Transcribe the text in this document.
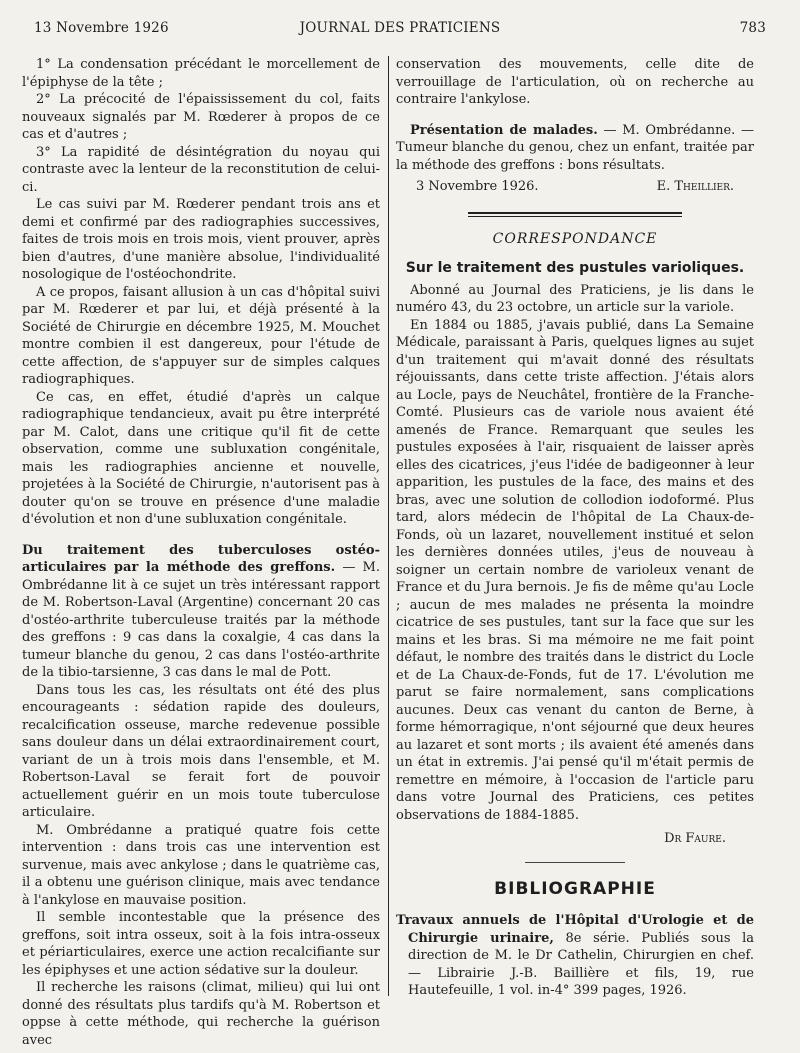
13 Novembre 1926	JOURNAL DES PRATICIENS	783

1° La condensation précédant le morcellement de l'épiphyse de la tête ;

2° La précocité de l'épaississement du col, faits nouveaux signalés par M. Rœderer à propos de ce cas et d'autres ;

3° La rapidité de désintégration du noyau qui contraste avec la lenteur de la reconstitution de celui-ci.

Le cas suivi par M. Rœderer pendant trois ans et demi et confirmé par des radiographies successives, faites de trois mois en trois mois, vient prouver, après bien d'autres, d'une manière absolue, l'individualité nosologique de l'ostéochondrite.

A ce propos, faisant allusion à un cas d'hôpital suivi par M. Rœderer et par lui, et déjà présenté à la Société de Chirurgie en décembre 1925, M. Mouchet montre combien il est dangereux, pour l'étude de cette affection, de s'appuyer sur de simples calques radiographiques.

Ce cas, en effet, étudié d'après un calque radiographique tendancieux, avait pu être interprété par M. Calot, dans une critique qu'il fit de cette observation, comme une subluxation congénitale, mais les radiographies ancienne et nouvelle, projetées à la Société de Chirurgie, n'autorisent pas à douter qu'on se trouve en présence d'une maladie d'évolution et non d'une subluxation congénitale.

Du traitement des tuberculoses ostéo-articulaires par la méthode des greffons. — M. Ombrédanne lit à ce sujet un très intéressant rapport de M. Robertson-Laval (Argentine) concernant 20 cas d'ostéo-arthrite tuberculeuse traités par la méthode des greffons : 9 cas dans la coxalgie, 4 cas dans la tumeur blanche du genou, 2 cas dans l'ostéo-arthrite de la tibio-tarsienne, 3 cas dans le mal de Pott.

Dans tous les cas, les résultats ont été des plus encourageants : sédation rapide des douleurs, recalcification osseuse, marche redevenue possible sans douleur dans un délai extraordinairement court, variant de un à trois mois dans l'ensemble, et M. Robertson-Laval se ferait fort de pouvoir actuellement guérir en un mois toute tuberculose articulaire.

M. Ombrédanne a pratiqué quatre fois cette intervention : dans trois cas une intervention est survenue, mais avec ankylose ; dans le quatrième cas, il a obtenu une guérison clinique, mais avec tendance à l'ankylose en mauvaise position.

Il semble incontestable que la présence des greffons, soit intra osseux, soit à la fois intra-osseux et périarticulaires, exerce une action recalcifiante sur les épiphyses et une action sédative sur la douleur.

Il recherche les raisons (climat, milieu) qui lui ont donné des résultats plus tardifs qu'à M. Robertson et oppse à cette méthode, qui recherche la guérison avec

conservation des mouvements, celle dite de verrouillage de l'articulation, où on recherche au contraire l'ankylose.

Présentation de malades. — M. Ombrédanne. — Tumeur blanche du genou, chez un enfant, traitée par la méthode des greffons : bons résultats.

3 Novembre 1926.	E. Theillier.
CORRESPONDANCE
Sur le traitement des pustules varioliques.

Abonné au Journal des Praticiens, je lis dans le numéro 43, du 23 octobre, un article sur la variole.

En 1884 ou 1885, j'avais publié, dans La Semaine Médicale, paraissant à Paris, quelques lignes au sujet d'un traitement qui m'avait donné des résultats réjouissants, dans cette triste affection. J'étais alors au Locle, pays de Neuchâtel, frontière de la Franche-Comté. Plusieurs cas de variole nous avaient été amenés de France. Remarquant que seules les pustules exposées à l'air, risquaient de laisser après elles des cicatrices, j'eus l'idée de badigeonner à leur apparition, les pustules de la face, des mains et des bras, avec une solution de collodion iodoformé. Plus tard, alors médecin de l'hôpital de La Chaux-de-Fonds, où un lazaret, nouvellement institué et selon les dernières données utiles, j'eus de nouveau à soigner un certain nombre de varioleux venant de France et du Jura bernois. Je fis de même qu'au Locle ; aucun de mes malades ne présenta la moindre cicatrice de ses pustules, tant sur la face que sur les mains et les bras. Si ma mémoire ne me fait point défaut, le nombre des traités dans le district du Locle et de La Chaux-de-Fonds, fut de 17. L'évolution me parut se faire normalement, sans complications aucunes. Deux cas venant du canton de Berne, à forme hémorragique, n'ont séjourné que deux heures au lazaret et sont morts ; ils avaient été amenés dans un état in extremis. J'ai pensé qu'il m'était permis de remettre en mémoire, à l'occasion de l'article paru dans votre Journal des Praticiens, ces petites observations de 1884-1885.

Dr Faure.
BIBLIOGRAPHIE

Travaux annuels de l'Hôpital d'Urologie et de Chirurgie urinaire, 8e série. Publiés sous la direction de M. le Dr Cathelin, Chirurgien en chef. — Librairie J.-B. Baillière et fils, 19, rue Hautefeuille, 1 vol. in-4° 399 pages, 1926.
